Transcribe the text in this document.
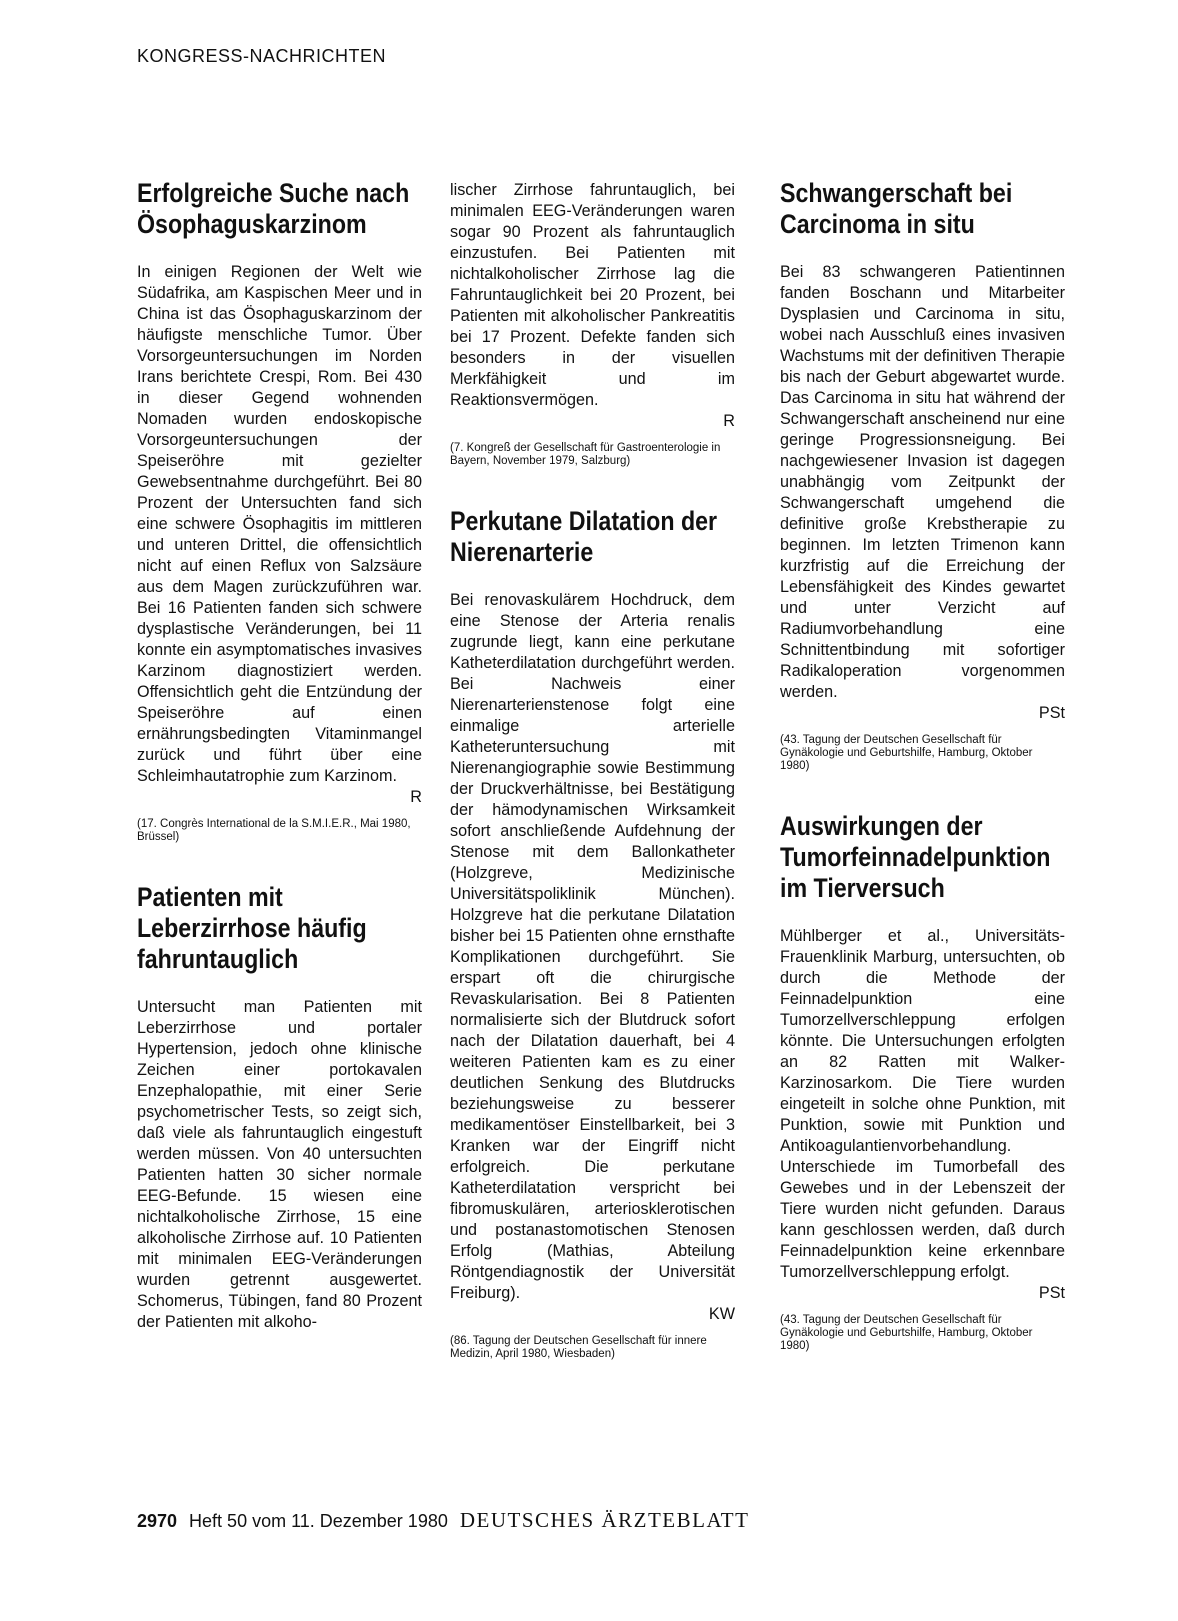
KONGRESS-NACHRICHTEN
Erfolgreiche Suche nach Ösophaguskarzinom

In einigen Regionen der Welt wie Südafrika, am Kaspischen Meer und in China ist das Ösophaguskarzinom der häufigste menschliche Tumor. Über Vorsorgeuntersuchungen im Norden Irans berichtete Crespi, Rom. Bei 430 in dieser Gegend wohnenden Nomaden wurden endoskopische Vorsorgeuntersuchungen der Speiseröhre mit gezielter Gewebsentnahme durchgeführt. Bei 80 Prozent der Untersuchten fand sich eine schwere Ösophagitis im mittleren und unteren Drittel, die offensichtlich nicht auf einen Reflux von Salzsäure aus dem Magen zurückzuführen war. Bei 16 Patienten fanden sich schwere dysplastische Veränderungen, bei 11 konnte ein asymptomatisches invasives Karzinom diagnostiziert werden. Offensichtlich geht die Entzündung der Speiseröhre auf einen ernährungsbedingten Vitaminmangel zurück und führt über eine Schleimhautatrophie zum Karzinom.

R

(17. Congrès International de la S.M.I.E.R., Mai 1980, Brüssel)

Patienten mit Leberzirrhose häufig fahruntauglich

Untersucht man Patienten mit Leberzirrhose und portaler Hypertension, jedoch ohne klinische Zeichen einer portokavalen Enzephalopathie, mit einer Serie psychometrischer Tests, so zeigt sich, daß viele als fahruntauglich eingestuft werden müssen. Von 40 untersuchten Patienten hatten 30 sicher normale EEG-Befunde. 15 wiesen eine nichtalkoholische Zirrhose, 15 eine alkoholische Zirrhose auf. 10 Patienten mit minimalen EEG-Veränderungen wurden getrennt ausgewertet. Schomerus, Tübingen, fand 80 Prozent der Patienten mit alkoho-

lischer Zirrhose fahruntauglich, bei minimalen EEG-Veränderungen waren sogar 90 Prozent als fahruntauglich einzustufen. Bei Patienten mit nichtalkoholischer Zirrhose lag die Fahruntauglichkeit bei 20 Prozent, bei Patienten mit alkoholischer Pankreatitis bei 17 Prozent. Defekte fanden sich besonders in der visuellen Merkfähigkeit und im Reaktionsvermögen.

R

(7. Kongreß der Gesellschaft für Gastroenterologie in Bayern, November 1979, Salzburg)

Perkutane Dilatation der Nierenarterie

Bei renovaskulärem Hochdruck, dem eine Stenose der Arteria renalis zugrunde liegt, kann eine perkutane Katheterdilatation durchgeführt werden. Bei Nachweis einer Nierenarterienstenose folgt eine einmalige arterielle Katheteruntersuchung mit Nierenangiographie sowie Bestimmung der Druckverhältnisse, bei Bestätigung der hämodynamischen Wirksamkeit sofort anschließende Aufdehnung der Stenose mit dem Ballonkatheter (Holzgreve, Medizinische Universitätspoliklinik München). Holzgreve hat die perkutane Dilatation bisher bei 15 Patienten ohne ernsthafte Komplikationen durchgeführt. Sie erspart oft die chirurgische Revaskularisation. Bei 8 Patienten normalisierte sich der Blutdruck sofort nach der Dilatation dauerhaft, bei 4 weiteren Patienten kam es zu einer deutlichen Senkung des Blutdrucks beziehungsweise zu besserer medikamentöser Einstellbarkeit, bei 3 Kranken war der Eingriff nicht erfolgreich. Die perkutane Katheterdilatation verspricht bei fibromuskulären, arteriosklerotischen und postanastomotischen Stenosen Erfolg (Mathias, Abteilung Röntgendiagnostik der Universität Freiburg).

KW

(86. Tagung der Deutschen Gesellschaft für innere Medizin, April 1980, Wiesbaden)

Schwangerschaft bei Carcinoma in situ

Bei 83 schwangeren Patientinnen fanden Boschann und Mitarbeiter Dysplasien und Carcinoma in situ, wobei nach Ausschluß eines invasiven Wachstums mit der definitiven Therapie bis nach der Geburt abgewartet wurde. Das Carcinoma in situ hat während der Schwangerschaft anscheinend nur eine geringe Progressionsneigung. Bei nachgewiesener Invasion ist dagegen unabhängig vom Zeitpunkt der Schwangerschaft umgehend die definitive große Krebstherapie zu beginnen. Im letzten Trimenon kann kurzfristig auf die Erreichung der Lebensfähigkeit des Kindes gewartet und unter Verzicht auf Radiumvorbehandlung eine Schnittentbindung mit sofortiger Radikaloperation vorgenommen werden.

PSt

(43. Tagung der Deutschen Gesellschaft für Gynäkologie und Geburtshilfe, Hamburg, Oktober 1980)

Auswirkungen der Tumorfeinnadelpunktion im Tierversuch

Mühlberger et al., Universitäts-Frauenklinik Marburg, untersuchten, ob durch die Methode der Feinnadelpunktion eine Tumorzellverschleppung erfolgen könnte. Die Untersuchungen erfolgten an 82 Ratten mit Walker-Karzinosarkom. Die Tiere wurden eingeteilt in solche ohne Punktion, mit Punktion, sowie mit Punktion und Antikoagulantienvorbehandlung. Unterschiede im Tumorbefall des Gewebes und in der Lebenszeit der Tiere wurden nicht gefunden. Daraus kann geschlossen werden, daß durch Feinnadelpunktion keine erkennbare Tumorzellverschleppung erfolgt.

PSt

(43. Tagung der Deutschen Gesellschaft für Gynäkologie und Geburtshilfe, Hamburg, Oktober 1980)

2970 Heft 50 vom 11. Dezember 1980 DEUTSCHES ÄRZTEBLATT
